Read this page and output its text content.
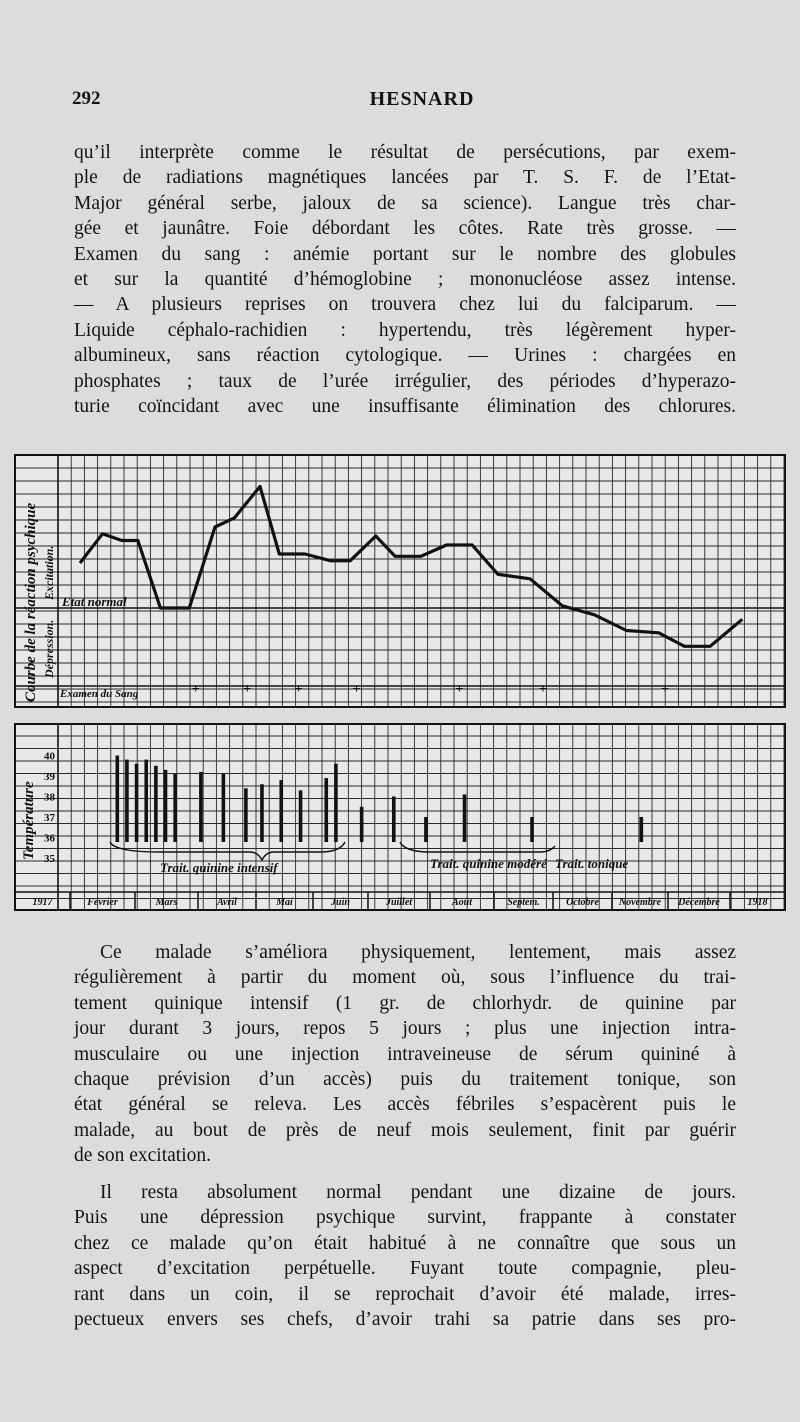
292	HESNARD
qu’il interprète comme le résultat de persécutions, par exem-
ple de radiations magnétiques lancées par T. S. F. de l’Etat-
Major général serbe, jaloux de sa science). Langue très char-
gée et jaunâtre. Foie débordant les côtes. Rate très grosse. —
Examen du sang : anémie portant sur le nombre des globules
et sur la quantité d’hémoglobine ; mononucléose assez intense.
— A plusieurs reprises on trouvera chez lui du falciparum. —
Liquide céphalo-rachidien : hypertendu, très légèrement hyper-
albumineux, sans réaction cytologique. — Urines : chargées en
phosphates ; taux de l’urée irrégulier, des périodes d’hyperazo-
turie coïncidant avec une insuffisante élimination des chlorures.
+	+	+	+	+	+	+
Courbe de la réaction psychique Excitation.
Dépression.
Etat normal
Examen du Sang
40
39
38
37
36
35
Température
Trait. quinine intensif	Trait. quinine modéré Trait. tonique
1917	Février	Mars	Avril	Mai	Juin	Juillet	Août	Septem.	Octobre Novembre Décembre	1918
Ce malade s’améliora physiquement, lentement, mais assez
régulièrement à partir du moment où, sous l’influence du trai-
tement quinique intensif (1 gr. de chlorhydr. de quinine par
jour durant 3 jours, repos 5 jours ; plus une injection intra-
musculaire ou une injection intraveineuse de sérum quininé à
chaque prévision d’un accès) puis du traitement tonique, son
état général se releva. Les accès fébriles s’espacèrent puis le
malade, au bout de près de neuf mois seulement, finit par guérir
de son excitation.
Il resta absolument normal pendant une dizaine de jours.
Puis une dépression psychique survint, frappante à constater
chez ce malade qu’on était habitué à ne connaître que sous un
aspect d’excitation perpétuelle. Fuyant toute compagnie, pleu-
rant dans un coin, il se reprochait d’avoir été malade, irres-
pectueux envers ses chefs, d’avoir trahi sa patrie dans ses pro-
